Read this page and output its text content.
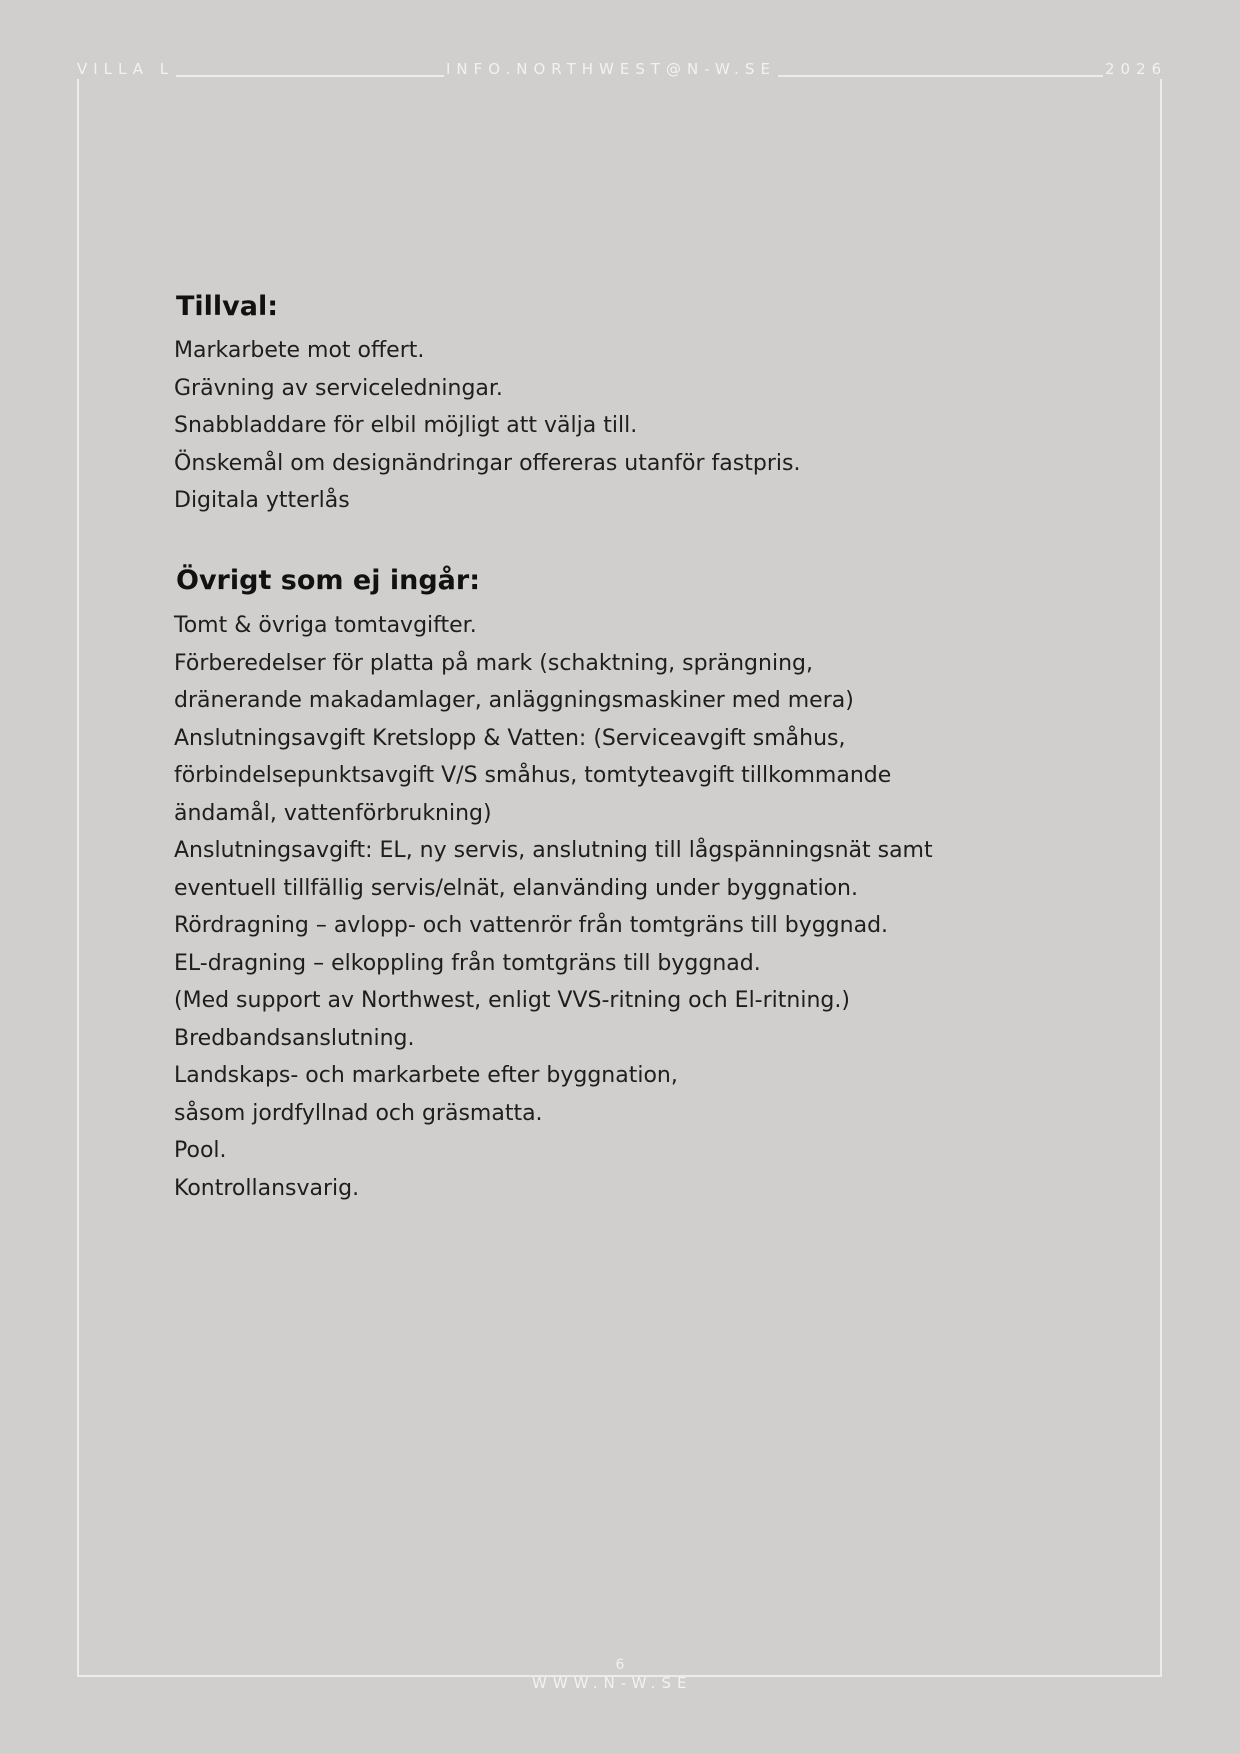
VILLA L	INFO.NORTHWEST@N-W.SE	2026
Tillval:
Markarbete mot offert.
Grävning av serviceledningar.
Snabbladdare för elbil möjligt att välja till.
Önskemål om designändringar offereras utanför fastpris.
Digitala ytterlås
Övrigt som ej ingår:
Tomt & övriga tomtavgifter.
Förberedelser för platta på mark (schaktning, sprängning,
dränerande makadamlager, anläggningsmaskiner med mera)
Anslutningsavgift Kretslopp & Vatten: (Serviceavgift småhus,
förbindelsepunktsavgift V/S småhus, tomtyteavgift tillkommande
ändamål, vattenförbrukning)
Anslutningsavgift: EL, ny servis, anslutning till lågspänningsnät samt
eventuell tillfällig servis/elnät, elanvänding under byggnation.
Rördragning – avlopp- och vattenrör från tomtgräns till byggnad.
EL-dragning – elkoppling från tomtgräns till byggnad.
(Med support av Northwest, enligt VVS-ritning och El-ritning.)
Bredbandsanslutning.
Landskaps- och markarbete efter byggnation,
såsom jordfyllnad och gräsmatta.
Pool.
Kontrollansvarig.
6
WWW.N-W.SE
